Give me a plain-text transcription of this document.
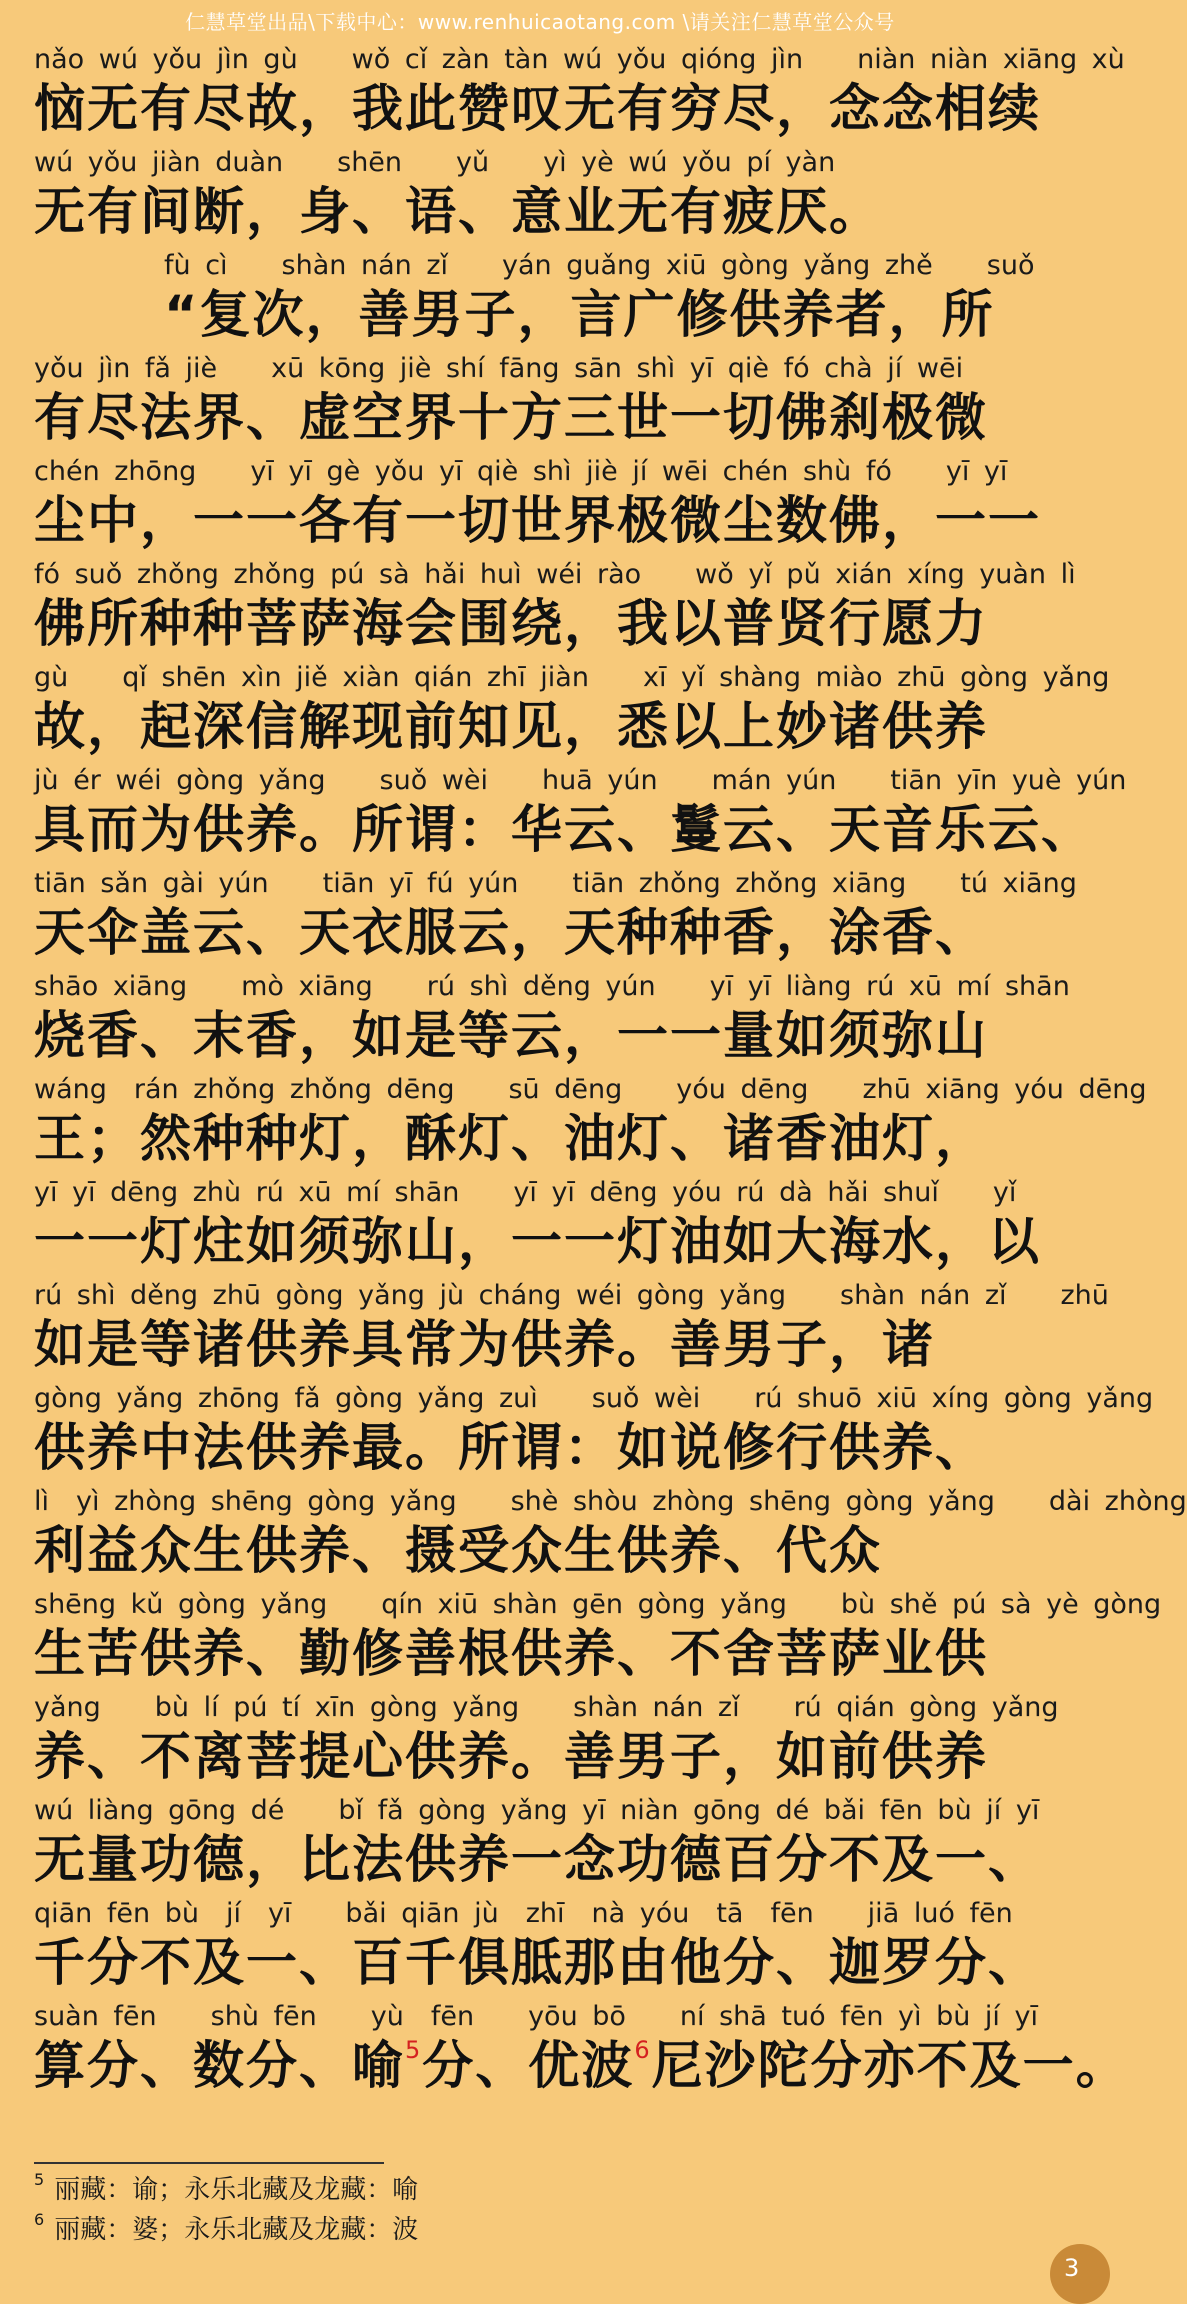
仁慧草堂出品\下载中心：www.renhuicaotang.com \请关注仁慧草堂公众号
nǎo wú yǒu jìn gù　　wǒ cǐ zàn tàn wú yǒu qióng jìn　　niàn niàn xiāng xù
恼无有尽故，我此赞叹无有穷尽，念念相续
wú yǒu jiàn duàn　　shēn　　yǔ　　yì yè wú yǒu pí yàn
无有间断，身、语、意业无有疲厌。
fù cì　　shàn nán zǐ　　yán guǎng xiū gòng yǎng zhě　　suǒ
“复次，善男子，言广修供养者，所
yǒu jìn fǎ jiè　　xū kōng jiè shí fāng sān shì yī qiè fó chà jí wēi
有尽法界、虚空界十方三世一切佛刹极微
chén zhōng　　yī yī gè yǒu yī qiè shì jiè jí wēi chén shù fó　　yī yī
尘中，一一各有一切世界极微尘数佛，一一
fó suǒ zhǒng zhǒng pú sà hǎi huì wéi rào　　wǒ yǐ pǔ xián xíng yuàn lì
佛所种种菩萨海会围绕，我以普贤行愿力
gù　　qǐ shēn xìn jiě xiàn qián zhī jiàn　　xī yǐ shàng miào zhū gòng yǎng
故，起深信解现前知见，悉以上妙诸供养
jù ér wéi gòng yǎng　　suǒ wèi　　huā yún　　mán yún　　tiān yīn yuè yún
具而为供养。所谓：华云、鬘云、天音乐云、
tiān sǎn gài yún　　tiān yī fú yún　　tiān zhǒng zhǒng xiāng　　tú xiāng
天伞盖云、天衣服云，天种种香，涂香、
shāo xiāng　　mò xiāng　　rú shì děng yún　　yī yī liàng rú xū mí shān
烧香、末香，如是等云，一一量如须弥山
wáng　rán zhǒng zhǒng dēng　　sū dēng　　yóu dēng　　zhū xiāng yóu dēng
王；然种种灯，酥灯、油灯、诸香油灯，
yī yī dēng zhù rú xū mí shān　　yī yī dēng yóu rú dà hǎi shuǐ　　yǐ
一一灯炷如须弥山，一一灯油如大海水，以
rú shì děng zhū gòng yǎng jù cháng wéi gòng yǎng　　shàn nán zǐ　　zhū
如是等诸供养具常为供养。善男子，诸
gòng yǎng zhōng fǎ gòng yǎng zuì　　suǒ wèi　　rú shuō xiū xíng gòng yǎng
供养中法供养最。所谓：如说修行供养、
lì　yì zhòng shēng gòng yǎng　　shè shòu zhòng shēng gòng yǎng　　dài zhòng
利益众生供养、摄受众生供养、代众
shēng kǔ gòng yǎng　　qín xiū shàn gēn gòng yǎng　　bù shě pú sà yè gòng
生苦供养、勤修善根供养、不舍菩萨业供
yǎng　　bù lí pú tí xīn gòng yǎng　　shàn nán zǐ　　rú qián gòng yǎng
养、不离菩提心供养。善男子，如前供养
wú liàng gōng dé　　bǐ fǎ gòng yǎng yī niàn gōng dé bǎi fēn bù jí yī
无量功德，比法供养一念功德百分不及一、
qiān fēn bù　jí　yī　　bǎi qiān jù　zhī　nà yóu　tā　fēn　　jiā luó fēn
千分不及一、百千俱胝那由他分、迦罗分、
suàn fēn　　shù fēn　　yù　fēn　　yōu bō　　ní shā tuó fēn yì bù jí yī
算分、数分、喻$^5$分、优波$^6$尼沙陀分亦不及一。
$^5$ 丽藏：谕；永乐北藏及龙藏：喻
$^6$ 丽藏：婆；永乐北藏及龙藏：波
3
